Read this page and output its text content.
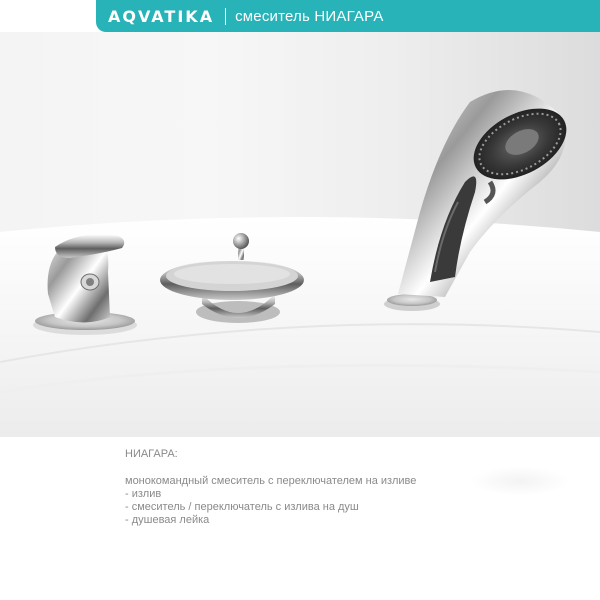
AQVATIKA смеситель НИАГАРА
НИАГАРА:
монокомандный смеситель с переключателем на изливе
- излив
- смеситель / переключатель с излива на душ
- душевая лейка
